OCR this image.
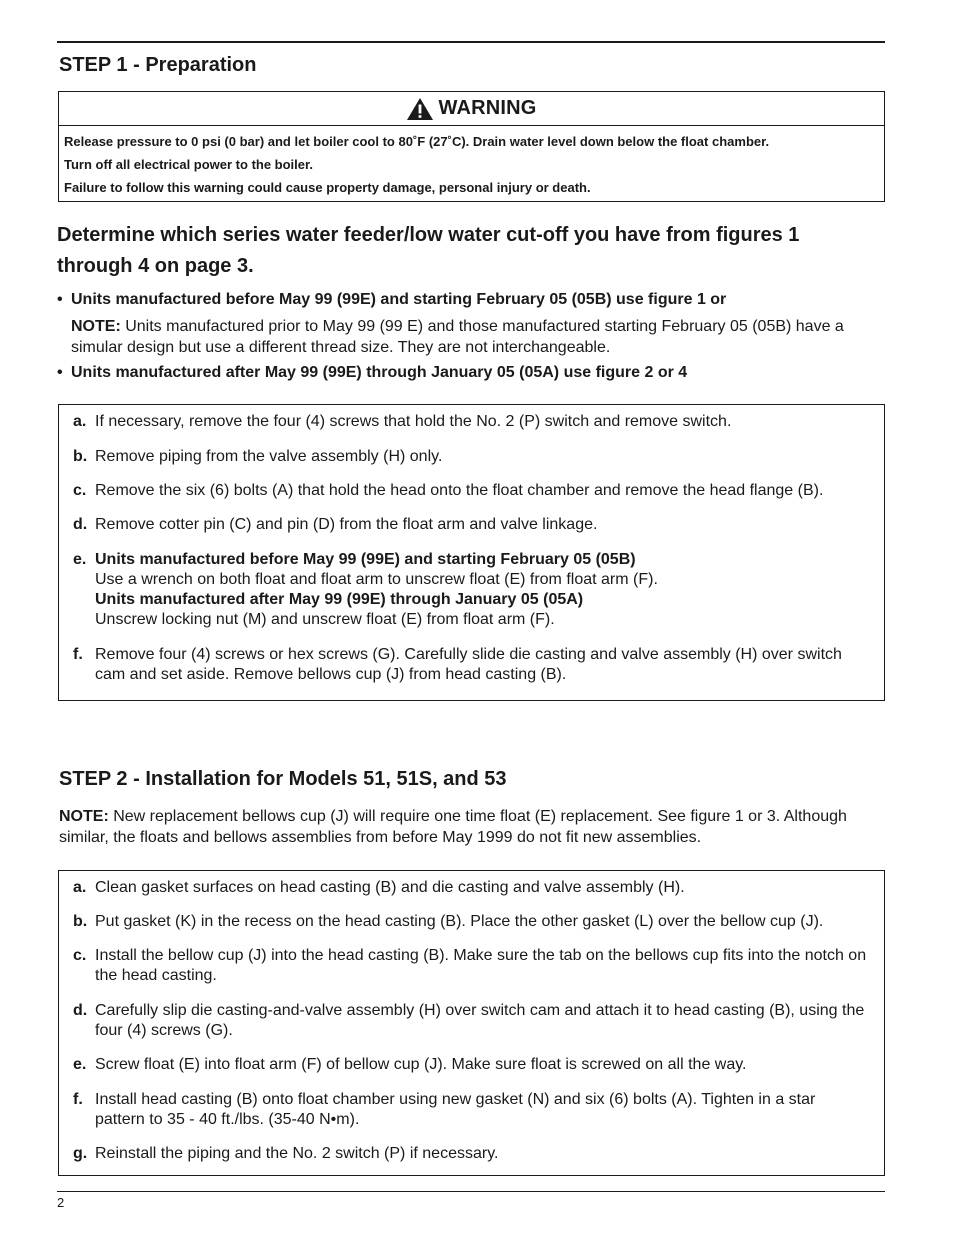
STEP 1 - Preparation
WARNING
Release pressure to 0 psi (0 bar) and let boiler cool to 80˚F (27˚C). Drain water level down below the float chamber.
Turn off all electrical power to the boiler.
Failure to follow this warning could cause property damage, personal injury or death.
Determine which series water feeder/low water cut-off you have from figures 1 through 4 on page 3.
• Units manufactured before May 99 (99E) and starting February 05 (05B) use figure 1 or
NOTE: Units manufactured prior to May 99 (99 E) and those manufactured starting February 05 (05B) have a simular design but use a different thread size. They are not interchangeable.
• Units manufactured after May 99 (99E) through January 05 (05A) use figure 2 or 4
a. If necessary, remove the four (4) screws that hold the No. 2 (P) switch and remove switch.
b. Remove piping from the valve assembly (H) only.
c. Remove the six (6) bolts (A) that hold the head onto the float chamber and remove the head flange (B).
d. Remove cotter pin (C) and pin (D) from the float arm and valve linkage.
e. Units manufactured before May 99 (99E) and starting February 05 (05B)
Use a wrench on both float and float arm to unscrew float (E) from float arm (F).
Units manufactured after May 99 (99E) through January 05 (05A)
Unscrew locking nut (M) and unscrew float (E) from float arm (F).
f. Remove four (4) screws or hex screws (G). Carefully slide die casting and valve assembly (H) over switch cam and set aside. Remove bellows cup (J) from head casting (B).
STEP 2 - Installation for Models 51, 51S, and 53
NOTE: New replacement bellows cup (J) will require one time float (E) replacement. See figure 1 or 3. Although similar, the floats and bellows assemblies from before May 1999 do not fit new assemblies.
a. Clean gasket surfaces on head casting (B) and die casting and valve assembly (H).
b. Put gasket (K) in the recess on the head casting (B). Place the other gasket (L) over the bellow cup (J).
c. Install the bellow cup (J) into the head casting (B). Make sure the tab on the bellows cup fits into the notch on the head casting.
d. Carefully slip die casting-and-valve assembly (H) over switch cam and attach it to head casting (B), using the four (4) screws (G).
e. Screw float (E) into float arm (F) of bellow cup (J). Make sure float is screwed on all the way.
f. Install head casting (B) onto float chamber using new gasket (N) and six (6) bolts (A). Tighten in a star pattern to 35 - 40 ft./lbs. (35-40 N•m).
g. Reinstall the piping and the No. 2 switch (P) if necessary.
2
